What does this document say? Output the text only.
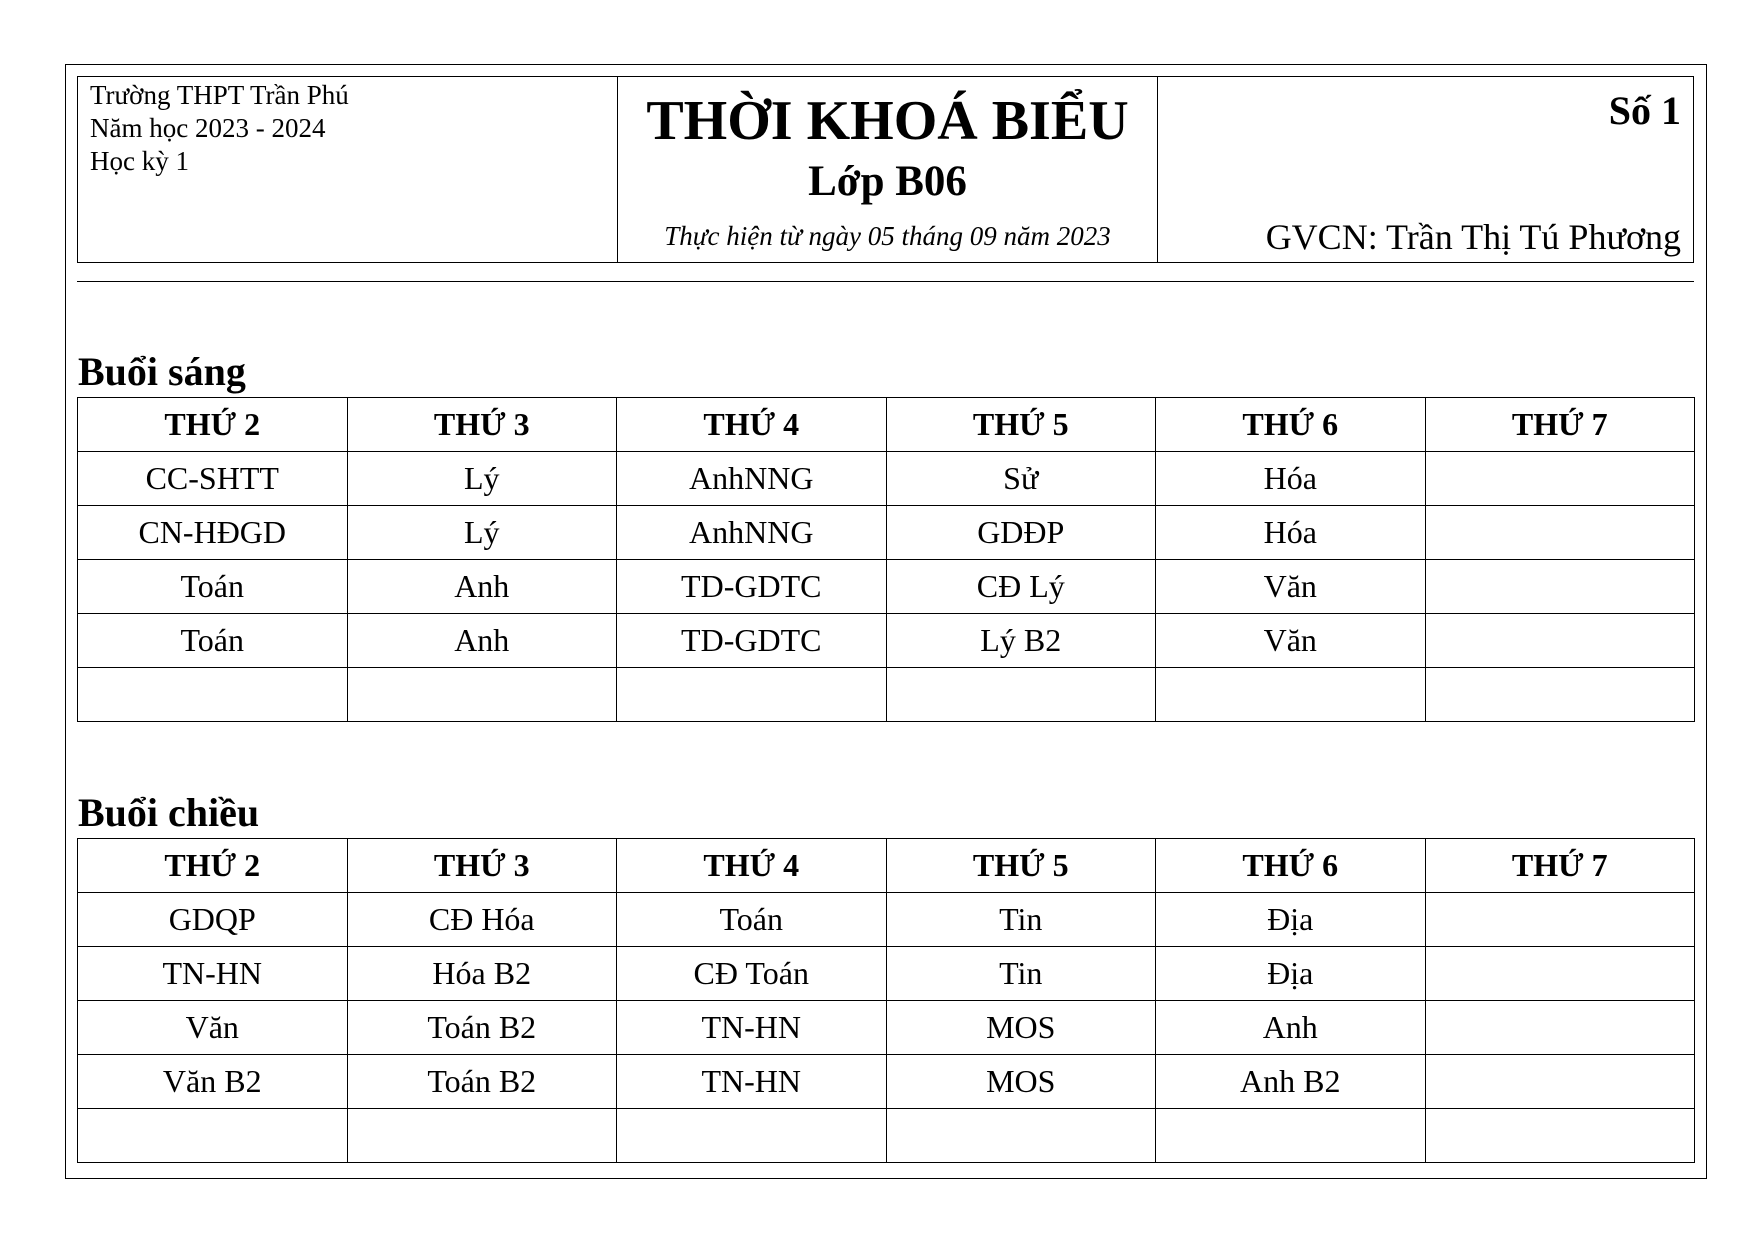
Trường THPT Trần Phú
Năm học 2023 - 2024
Học kỳ 1
THỜI KHOÁ BIỂU
Lớp B06
Thực hiện từ ngày 05 tháng 09 năm 2023
Số 1
GVCN: Trần Thị Tú Phương
Buổi sáng
THỨ 2	THỨ 3	THỨ 4	THỨ 5	THỨ 6	THỨ 7
CC-SHTT	Lý	AnhNNG	Sử	Hóa	
CN-HĐGD	Lý	AnhNNG	GDĐP	Hóa	
Toán	Anh	TD-GDTC	CĐ Lý	Văn	
Toán	Anh	TD-GDTC	Lý B2	Văn	

Buổi chiều
THỨ 2	THỨ 3	THỨ 4	THỨ 5	THỨ 6	THỨ 7
GDQP	CĐ Hóa	Toán	Tin	Địa	
TN-HN	Hóa B2	CĐ Toán	Tin	Địa	
Văn	Toán B2	TN-HN	MOS	Anh	
Văn B2	Toán B2	TN-HN	MOS	Anh B2	
